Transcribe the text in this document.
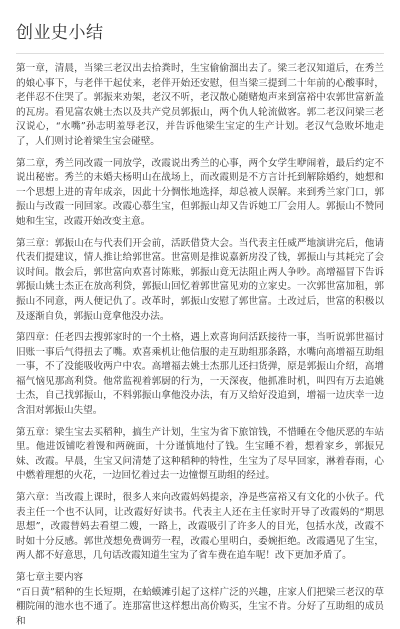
创业史小结

第一章，清晨，当梁三老汉出去拾粪时，生宝偷偷溜出去了。梁三老汉知道后，在秀兰的娘心事下，与老伴干起仗来，老伴开始还安慰，但当梁三提到二十年前的心酸事时，老伴忍不住哭了。郭振来劝架，老汉不听，老汉散心随赌炮声来到富裕中农郭世富新盖的瓦房。看见富农姚士杰以及共产党员郭振山，两个仇人轮流做客。郭二老汉问梁三老汉说心，“水嘴”孙志明羞辱老汉，并告诉他梁生宝定的生产计划。老汉气急败坏地走了，人们则讨论着梁生宝会碰壁。

第二章，秀兰同改霞一同放学，改霞说出秀兰的心事，两个女学生咿闹着，最后约定不说出秘密。秀兰的未婚夫杨明山在战场上，而改霞则是不方言计托到解除婚约，她想和一个思想上进的青年成亲，因此十分惆怅地选择，却总被人误解。来到秀兰家门口，郭振山与改霞一同回家。改霞心慕生宝，但郭振山却又告诉她工厂会用人。郭振山不赞同她和生宝，改霞开始改变主意。

第三章：郭振山在与代表们开会前，活跃借贷大会。当代表主任威严地演讲完后，他请代表们提建议，情人推让给郭世富。世富则是推说嘉新房没了钱，郭振山与其耗完了会议时间。散会后，郭世富向欢喜讨陈账，郭振山竟无法阻止两人争吵。高增福冒下告诉郭振山姚士杰正在放高利贷，郭振山回忆着郭世富见劝的立家史。一次郭世富加租，郭振山不同意，两人便记仇了。改革时，郭振山安慰了郭世富。土改过后，世富的积极以及逐渐自负，郭振山竟拿他没办法。

第四章：任老四去搜郭家时的一个土格，遇上欢喜询问活跃接待一事，当听说郭世福讨旧账一事后气得扭去了嘴。欢喜乘机让他信服的走互助组那条路，水嘴向高增福互助组一事，不了没能吸收两户中农。高增福去姚士杰那儿还扫货弹，原是郭振山介绍，高增福气恼见那高利贷。他常监视着郭厨的行为，一天深夜，他抓准时机，叫四有万去追姚士杰，自己找郭振山，不料郭振山拿他没办法，有万又给好没追到，增福一边庆幸一边含泪对郭振山失望。

第五章：梁生宝去买稻种，搞生产计划，生宝为省下旅馆钱，不惜睡在令他厌恶的车站里。他进饭铺吃着馒和两碗面，十分谨慎地付了钱。生宝睡不着，想着家乡，郭振兄妹、改霞。早晨，生宝又问清楚了这种稻种的特性，生宝为了尽早回家，淋着春雨，心中燃着理想的火花，一边回忆着过去一边憧憬互助组的经过。

第六章：当改霞上课时，很多人来向改霞妈妈提亲，净是些富裕又有文化的小伙子。代表主任一个也不认同，让改霞好好读书。代表主人还在主任家时开导了改霞妈的“期思思想”，改霞替妈去看望二嫂，一路上，改霞吸引了许多人的目光，包括水茂，改霞不时如十分反感。郭世茂想免费调劳一程，改霞心里明白，委婉拒绝。改霞遇见了生宝，两人都不好意思，几句话改霞知道生宝为了省车费在追车呢！改下更加矛盾了。

第七章主要内容

“百日黄”稻种的生长短期，在蛤蟆滩引起了这样广泛的兴趣，庄家人们把梁三老汉的草棚院闹的池水也不通了。连那富世这样想出高价购买，生宝不肯。分好了互助组的成员和
